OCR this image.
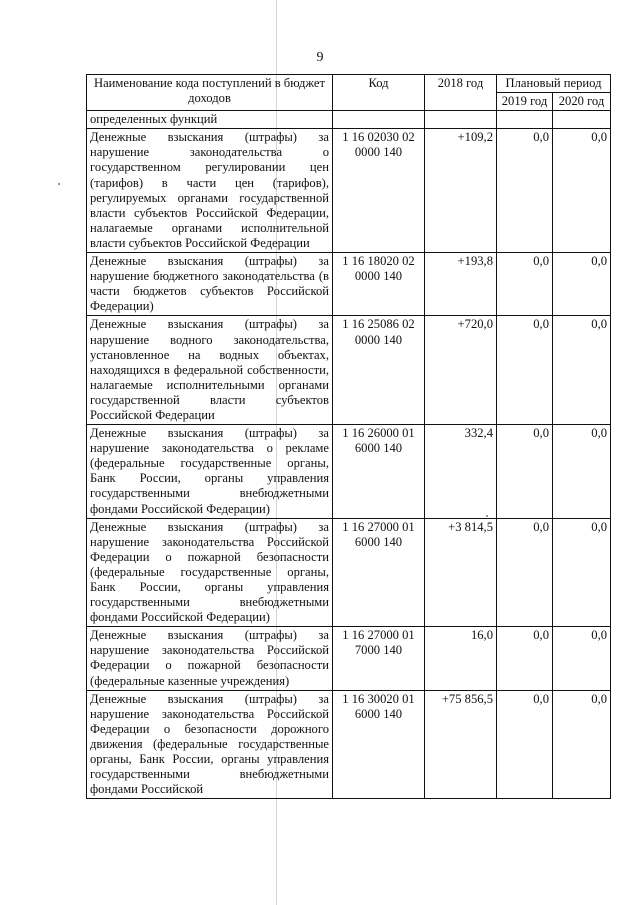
9
Наименование кода поступлений в бюджет доходов	Код	2018 год	Плановый период	
			2019 год	2020 год
определенных функций				
Денежные взыскания (штрафы) за нарушение законодательства о государственном регулировании цен (тарифов) в части цен (тарифов), регулируемых органами государственной власти субъектов Российской Федерации, налагаемые органами исполнительной власти субъектов Российской Федерации	1 16 02030 02 0000 140	+109,2	0,0	0,0
Денежные взыскания (штрафы) за нарушение бюджетного законодательства (в части бюджетов субъектов Российской Федерации)	1 16 18020 02 0000 140	+193,8	0,0	0,0
Денежные взыскания (штрафы) за нарушение водного законодательства, установленное на водных объектах, находящихся в федеральной собственности, налагаемые исполнительными органами государственной власти субъектов Российской Федерации	1 16 25086 02 0000 140	+720,0	0,0	0,0
Денежные взыскания (штрафы) за нарушение законодательства о рекламе (федеральные государственные органы, Банк России, органы управления государственными внебюджетными фондами Российской Федерации)	1 16 26000 01 6000 140	332,4	0,0	0,0
Денежные взыскания (штрафы) за нарушение законодательства Российской Федерации о пожарной безопасности (федеральные государственные органы, Банк России, органы управления государственными внебюджетными фондами Российской Федерации)	1 16 27000 01 6000 140	+3 814,5	0,0	0,0
Денежные взыскания (штрафы) за нарушение законодательства Российской Федерации о пожарной безопасности (федеральные казенные учреждения)	1 16 27000 01 7000 140	16,0	0,0	0,0
Денежные взыскания (штрафы) за нарушение законодательства Российской Федерации о безопасности дорожного движения (федеральные государственные органы, Банк России, органы управления государственными внебюджетными фондами Российской	1 16 30020 01 6000 140	+75 856,5	0,0	0,0
